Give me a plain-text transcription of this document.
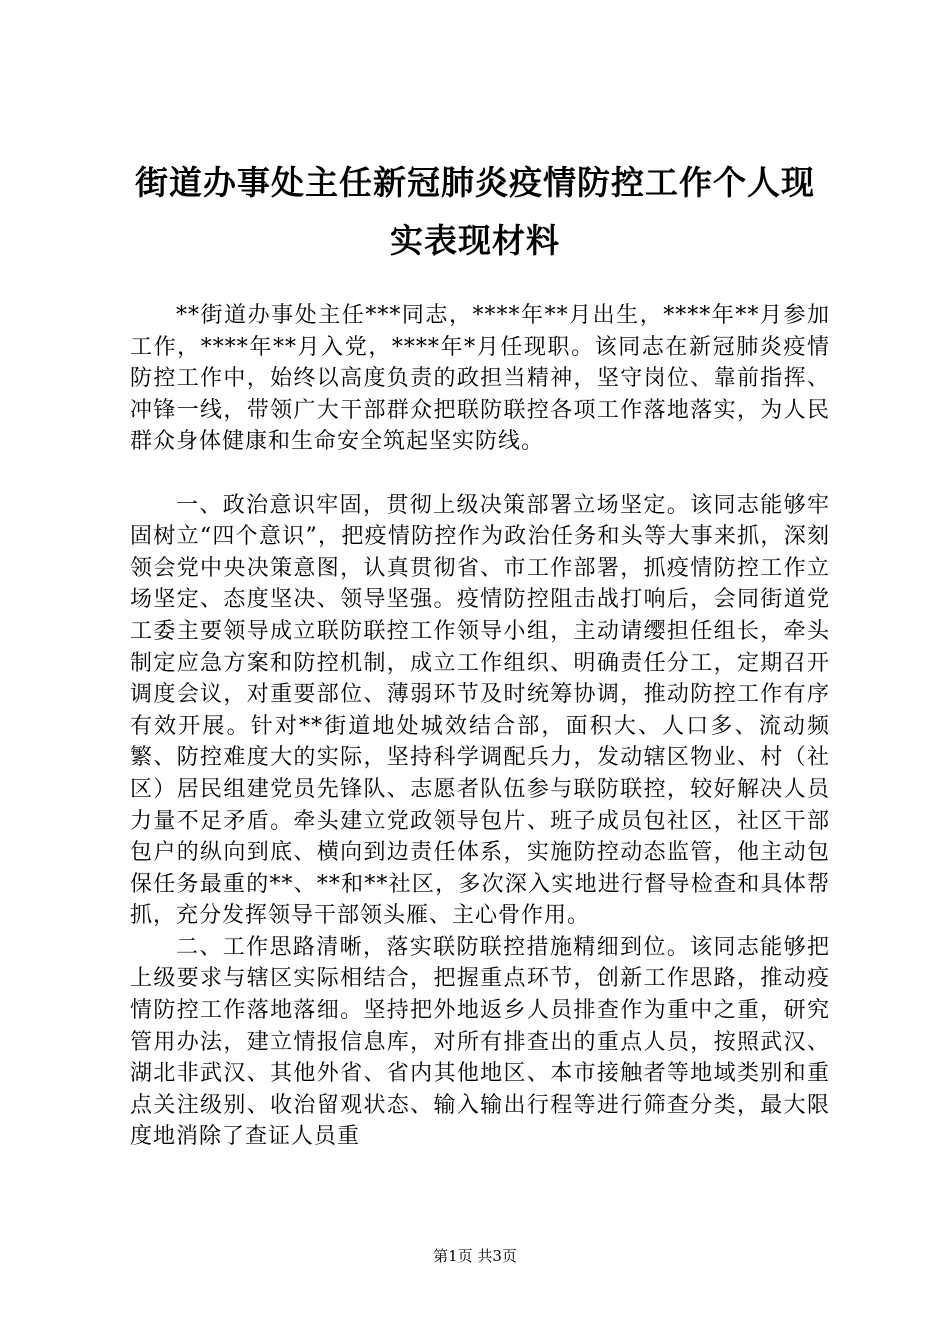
街道办事处主任新冠肺炎疫情防控工作个人现
实表现材料

**街道办事处主任***同志，****年**月出生，****年**月参加工作，****年**月入党，****年*月任现职。该同志在新冠肺炎疫情防控工作中，始终以高度负责的政担当精神，坚守岗位、靠前指挥、冲锋一线，带领广大干部群众把联防联控各项工作落地落实，为人民群众身体健康和生命安全筑起坚实防线。

一、政治意识牢固，贯彻上级决策部署立场坚定。该同志能够牢固树立“四个意识”，把疫情防控作为政治任务和头等大事来抓，深刻领会党中央决策意图，认真贯彻省、市工作部署，抓疫情防控工作立场坚定、态度坚决、领导坚强。疫情防控阻击战打响后，会同街道党工委主要领导成立联防联控工作领导小组，主动请缨担任组长，牵头制定应急方案和防控机制，成立工作组织、明确责任分工，定期召开调度会议，对重要部位、薄弱环节及时统筹协调，推动防控工作有序有效开展。针对**街道地处城效结合部，面积大、人口多、流动频繁、防控难度大的实际，坚持科学调配兵力，发动辖区物业、村（社区）居民组建党员先锋队、志愿者队伍参与联防联控，较好解决人员力量不足矛盾。牵头建立党政领导包片、班子成员包社区，社区干部包户的纵向到底、横向到边责任体系，实施防控动态监管，他主动包保任务最重的**、**和**社区，多次深入实地进行督导检查和具体帮抓，充分发挥领导干部领头雁、主心骨作用。

二、工作思路清晰，落实联防联控措施精细到位。该同志能够把上级要求与辖区实际相结合，把握重点环节，创新工作思路，推动疫情防控工作落地落细。坚持把外地返乡人员排查作为重中之重，研究管用办法，建立情报信息库，对所有排查出的重点人员，按照武汉、湖北非武汉、其他外省、省内其他地区、本市接触者等地域类别和重点关注级别、收治留观状态、输入输出行程等进行筛查分类，最大限度地消除了查证人员重

第1页 共3页
